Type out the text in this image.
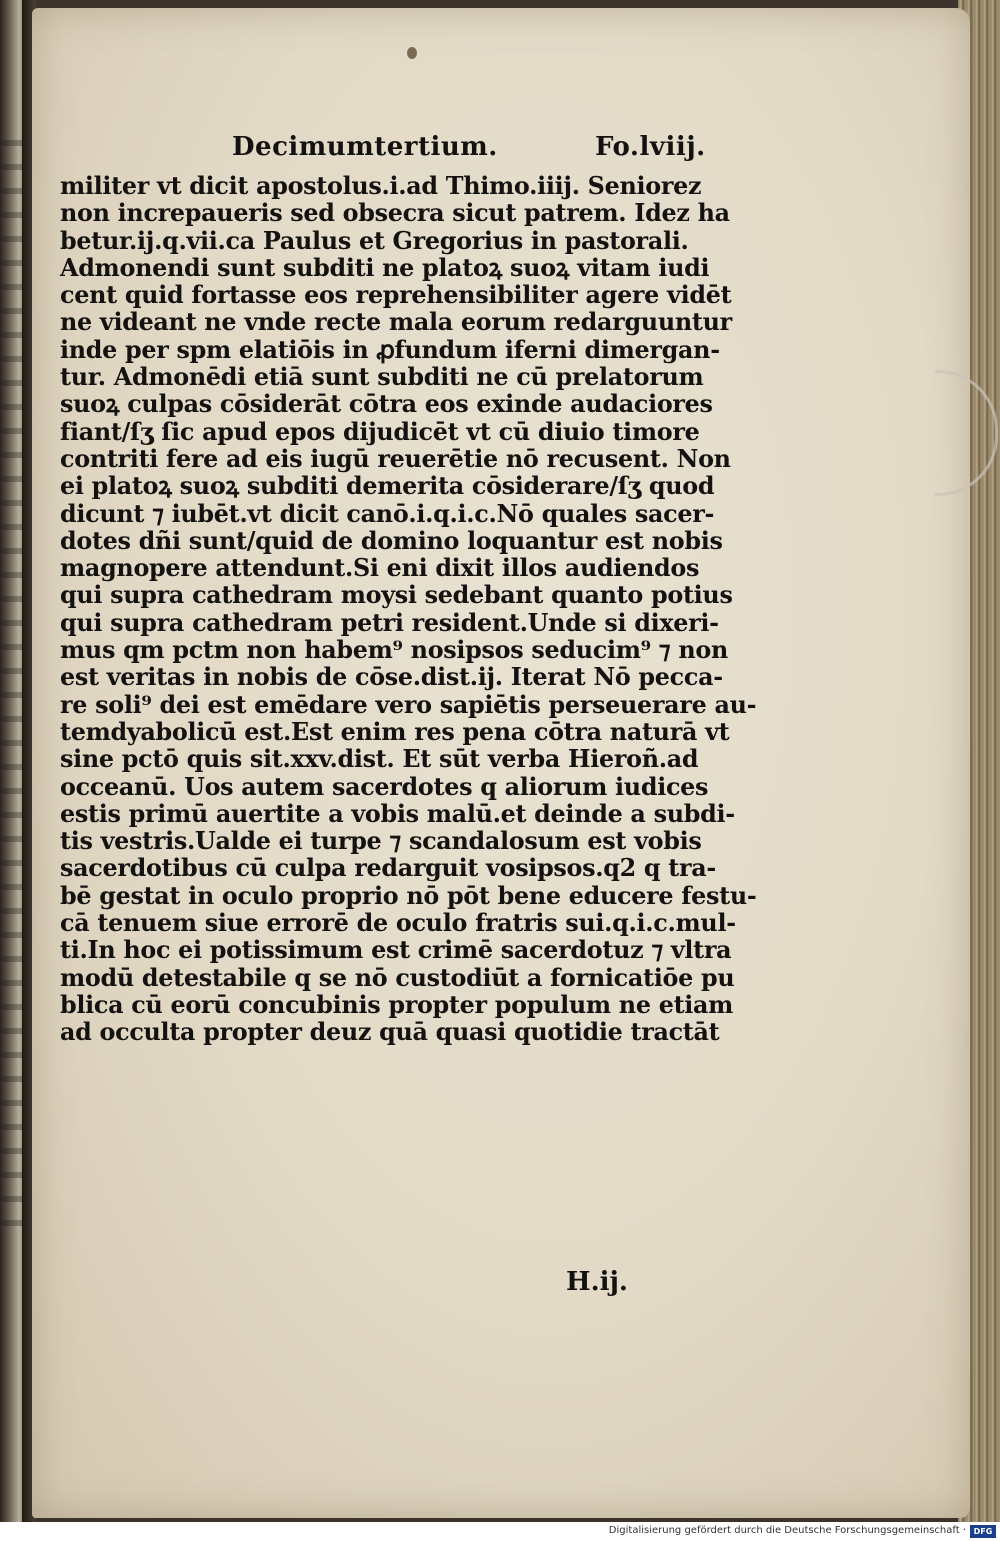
Decimumtertium.	Fo.lviij.
militer vt dicit apostolus.i.ad Thimo.iiij. Seniorez
non increpaueris sed obsecra sicut patrem. Idez ha
betur.ij.q.vii.ca Paulus et Gregorius in pastorali.
Admonendi sunt subditi ne platoꝝ suoꝝ vitam iudi
cent quid fortasse eos reprehensibiliter agere vidēt
ne videant ne vnde recte mala eorum redarguuntur
inde per spm elatiōis in ꝓfundum iferni dimergan-
tur. Admonēdi etiā sunt subditi ne cū prelatorum
suoꝝ culpas cōsiderāt cōtra eos exinde audaciores
fiant/ſʒ ſic apud epos dijudicēt vt cū diuio timore
contriti fere ad eis iugū reuerētie nō recusent. Non
ei platoꝝ suoꝝ subditi demerita cōsiderare/ſʒ quod
dicunt ⁊ iubēt.vt dicit canō.i.q.i.c.Nō quales sacer-
dotes dñi sunt/quid de domino loquantur est nobis
magnopere attendunt.Si eni dixit illos audiendos
qui supra cathedram moysi sedebant quanto potius
qui supra cathedram petri resident.Unde si dixeri-
mus qm pctm non habem⁹ nosipsos seducim⁹ ⁊ non
est veritas in nobis de cōse.dist.ij. Iterat Nō pecca-
re soli⁹ dei est emēdare vero sapiētis perseuerare au-
temdyabolicū est.Est enim res pena cōtra naturā vt
sine pctō quis sit.xxv.dist. Et sūt verba Hieroñ.ad
occeanū. Uos autem sacerdotes q aliorum iudices
estis primū auertite a vobis malū.et deinde a subdi-
tis vestris.Ualde ei turpe ⁊ scandalosum est vobis
sacerdotibus cū culpa redarguit vosipsos.q2 q tra-
bē gestat in oculo proprio nō pōt bene educere festu-
cā tenuem siue errorē de oculo fratris sui.q.i.c.mul-
ti.In hoc ei potissimum est crimē sacerdotuz ⁊ vltra
modū detestabile q se nō custodiūt a fornicatiōe pu
blica cū eorū concubinis propter populum ne etiam
ad occulta propter deuz quā quasi quotidie tractāt
H.ij.
Digitalisierung gefördert durch die Deutsche Forschungsgemeinschaft · DFG
